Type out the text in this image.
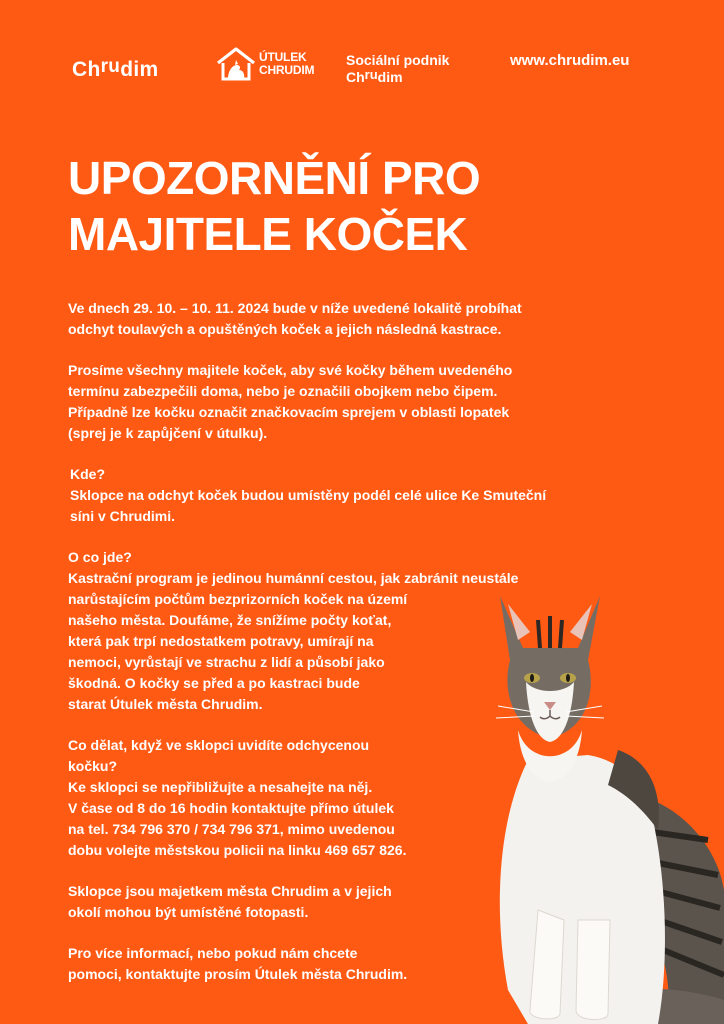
Chrudim
ÚTULEK
CHRUDIM
Sociální podnik
Chrudim
www.chrudim.eu
UPOZORNĚNÍ PRO
MAJITELE KOČEK

Ve dnech 29. 10. – 10. 11. 2024 bude v níže uvedené lokalitě probíhat
odchyt toulavých a opuštěných koček a jejich následná kastrace.

Prosíme všechny majitele koček, aby své kočky během uvedeného
termínu zabezpečili doma, nebo je označili obojkem nebo čipem.
Případně lze kočku označit značkovacím sprejem v oblasti lopatek
(sprej je k zapůjčení v útulku).

Kde?
Sklopce na odchyt koček budou umístěny podél celé ulice Ke Smuteční
síni v Chrudimi.

O co jde?
Kastrační program je jedinou humánní cestou, jak zabránit neustále
narůstajícím počtům bezprizorních koček na území
našeho města. Doufáme, že snížíme počty koťat,
která pak trpí nedostatkem potravy, umírají na
nemoci, vyrůstají ve strachu z lidí a působí jako
škodná. O kočky se před a po kastraci bude
starat Útulek města Chrudim.

Co dělat, když ve sklopci uvidíte odchycenou
kočku?
Ke sklopci se nepřibližujte a nesahejte na něj.
V čase od 8 do 16 hodin kontaktujte přímo útulek
na tel. 734 796 370 / 734 796 371, mimo uvedenou
dobu volejte městskou policii na linku 469 657 826.

Sklopce jsou majetkem města Chrudim a v jejich
okolí mohou být umístěné fotopasti.

Pro více informací, nebo pokud nám chcete
pomoci, kontaktujte prosím Útulek města Chrudim.
